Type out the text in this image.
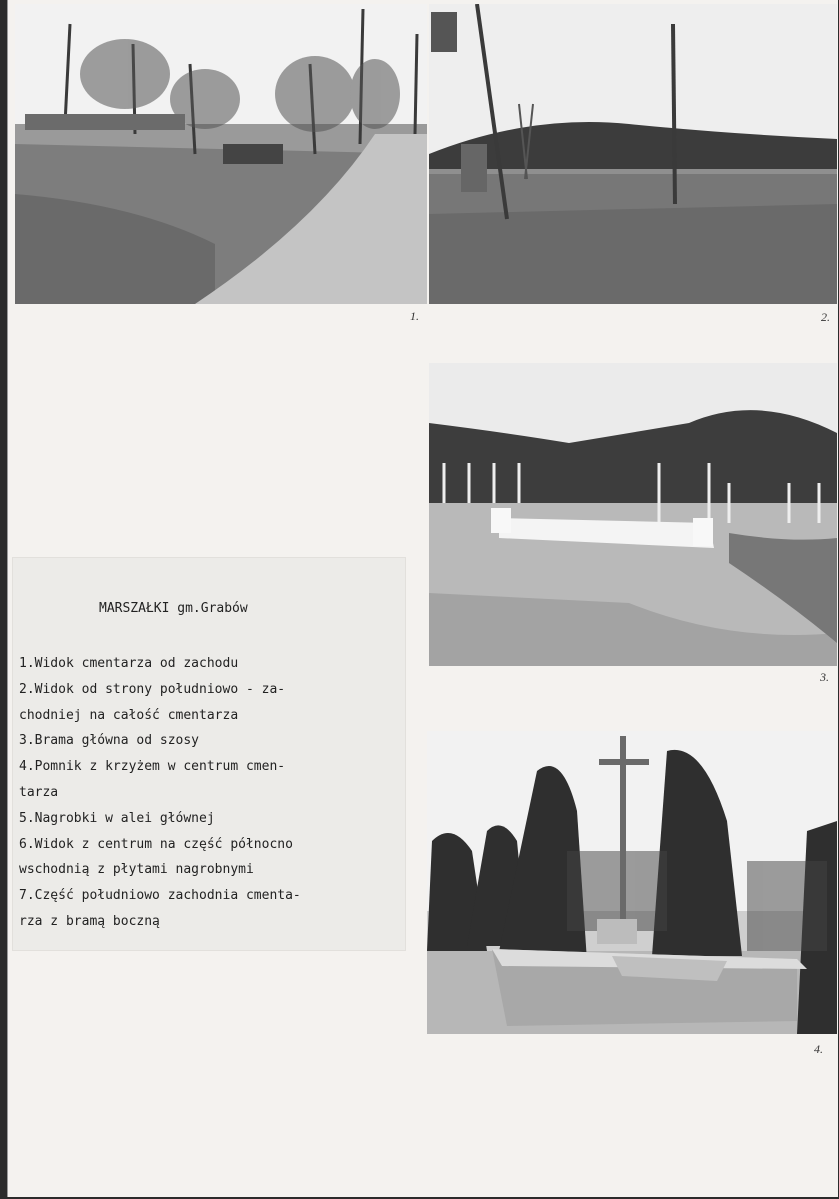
1.	2.
3.
4.
MARSZAŁKI gm.Grabów
1.Widok cmentarza od zachodu
2.Widok od strony południowo - za-
chodniej na całość cmentarza
3.Brama główna od szosy
4.Pomnik z krzyżem w centrum cmen-
tarza
5.Nagrobki w alei głównej
6.Widok z centrum na część północno
wschodnią z płytami nagrobnymi
7.Część południowo zachodnia cmenta-
rza z bramą boczną
